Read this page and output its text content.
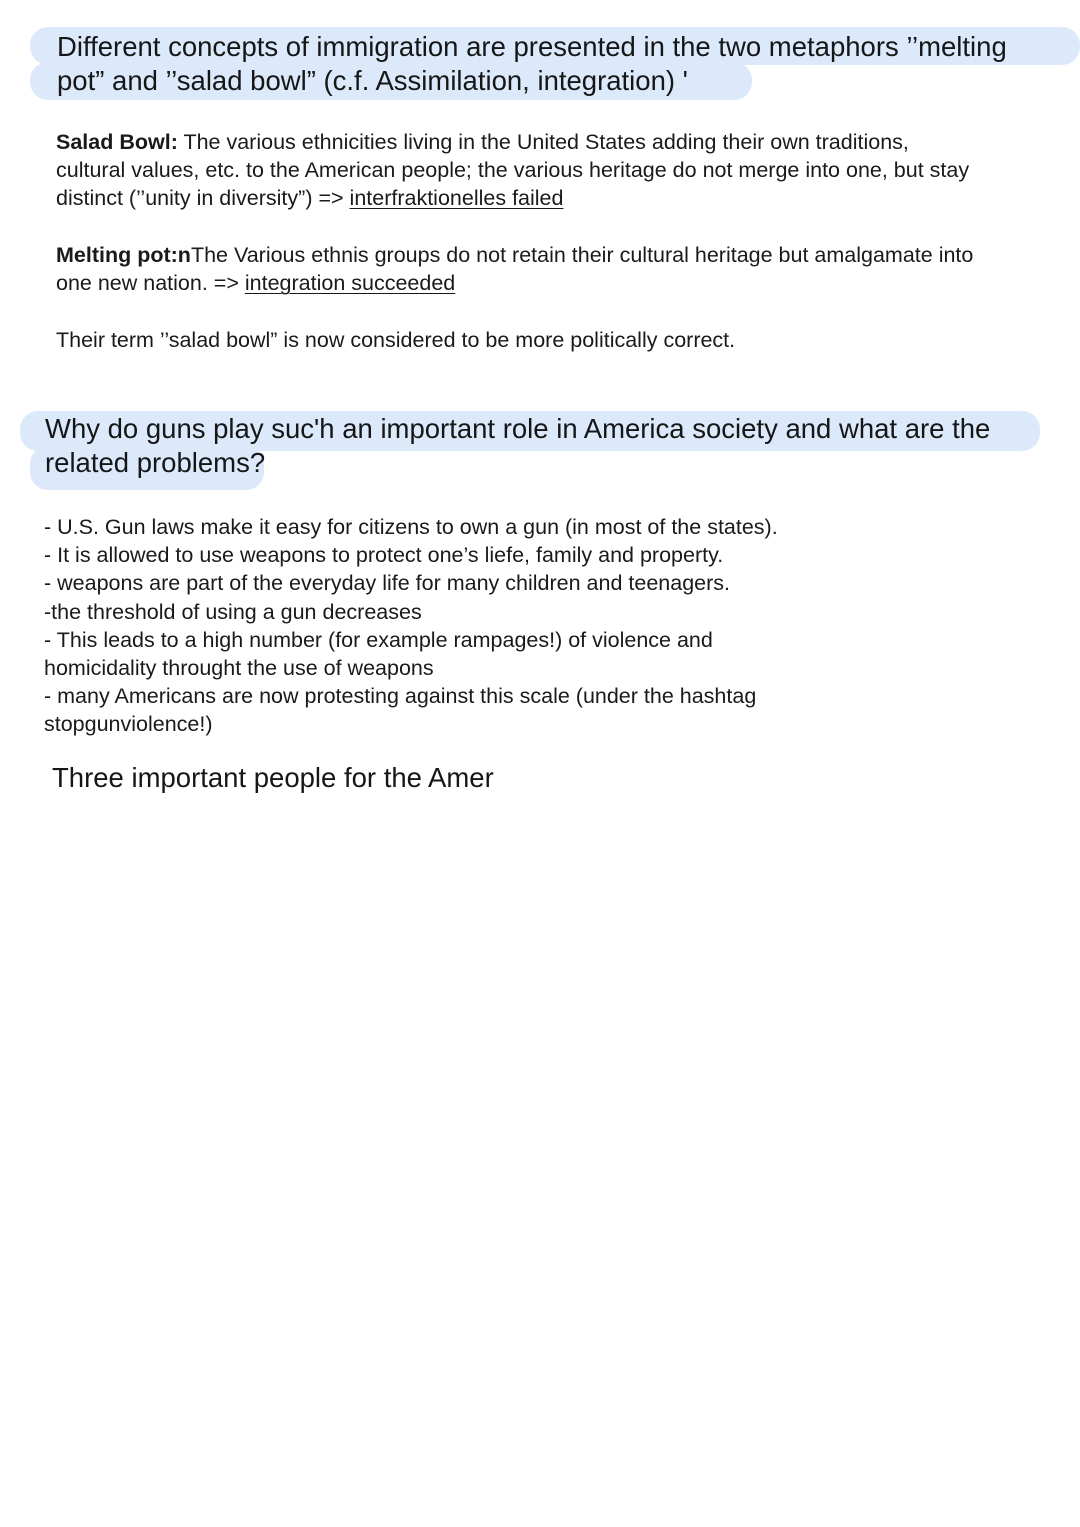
Different concepts of immigration are presented in the two metaphors ’’melting
pot” and ’’salad bowl” (c.f. Assimilation, integration) '
Salad Bowl: The various ethnicities living in the United States adding their own traditions,
cultural values, etc. to the American people; the various heritage do not merge into one, but stay
distinct (’’unity in diversity”) => interfraktionelles failed
Melting pot:nThe Various ethnis groups do not retain their cultural heritage but amalgamate into
one new nation. => integration succeeded
Their term ’’salad bowl” is now considered to be more politically correct.
Why do guns play suc'h an important role in America society and what are the
related problems?
- U.S. Gun laws make it easy for citizens to own a gun (in most of the states).
- It is allowed to use weapons to protect one’s liefe, family and property.
- weapons are part of the everyday life for many children and teenagers.
-the threshold of using a gun decreases
- This leads to a high number (for example rampages!) of violence and
homicidality throught the use of weapons
- many Americans are now protesting against this scale (under the hashtag
stopgunviolence!)
Three important people for the Amer
